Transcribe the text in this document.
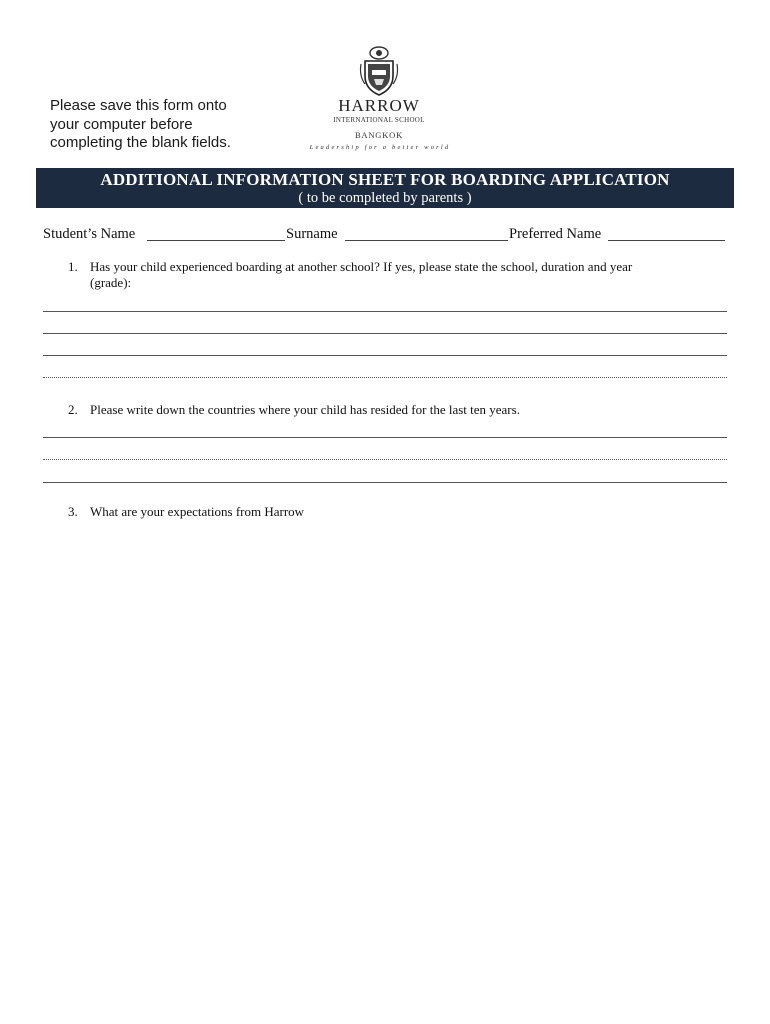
Please save this form onto
your computer before
completing the blank fields.
HARROW
INTERNATIONAL SCHOOL
BANGKOK
Leadership for a better world
ADDITIONAL INFORMATION SHEET FOR BOARDING APPLICATION
( to be completed by parents )
Student’s Name	Surname	Preferred Name
1. Has your child experienced boarding at another school? If yes, please state the school, duration and year
(grade):
2. Please write down the countries where your child has resided for the last ten years.
3. What are your expectations from Harrow
